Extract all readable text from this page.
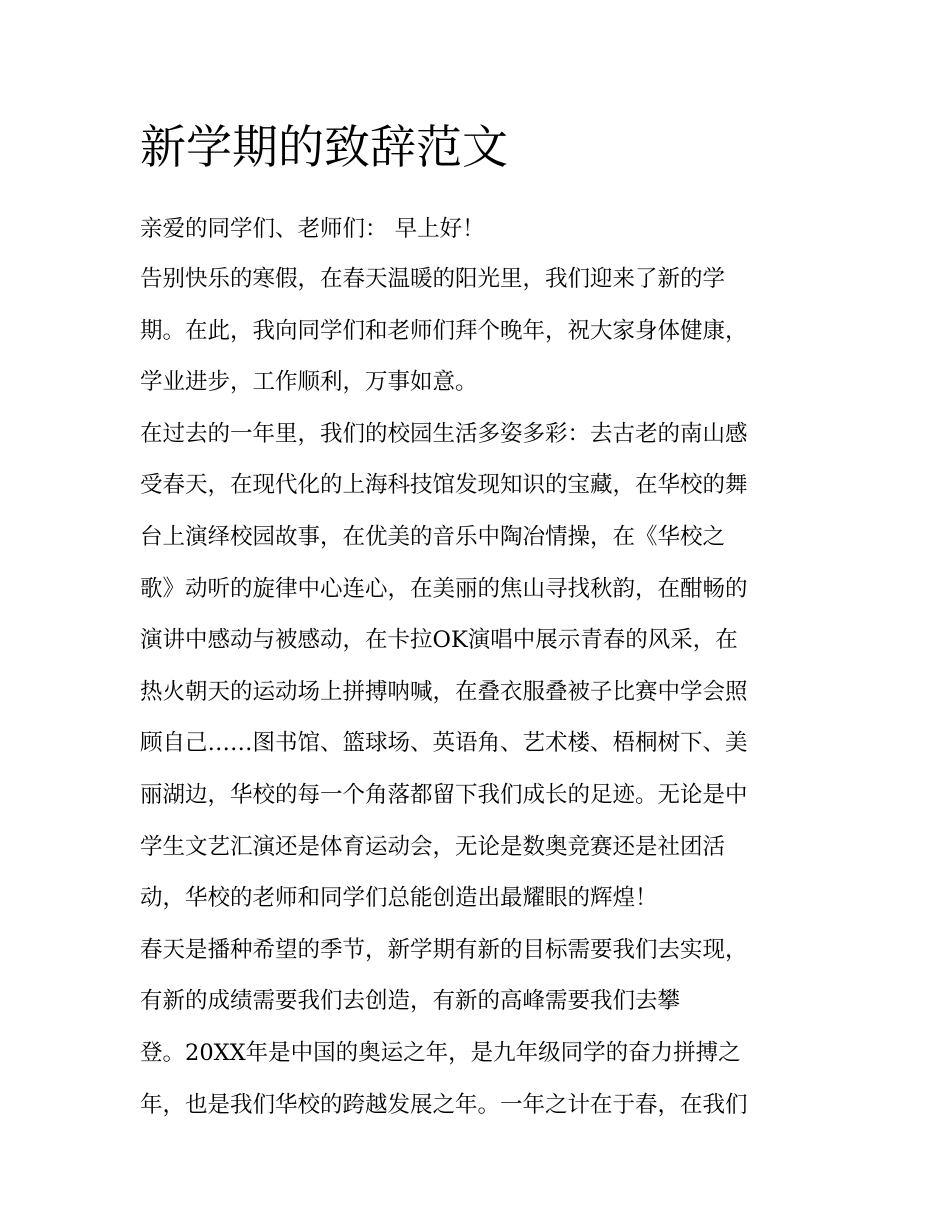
新学期的致辞范文
亲爱的同学们、老师们： 早上好！
告别快乐的寒假，在春天温暖的阳光里，我们迎来了新的学
期。在此，我向同学们和老师们拜个晚年，祝大家身体健康，
学业进步，工作顺利，万事如意。
在过去的一年里，我们的校园生活多姿多彩：去古老的南山感
受春天，在现代化的上海科技馆发现知识的宝藏，在华校的舞
台上演绎校园故事，在优美的音乐中陶冶情操，在《华校之
歌》动听的旋律中心连心，在美丽的焦山寻找秋韵，在酣畅的
演讲中感动与被感动，在卡拉OK演唱中展示青春的风采，在
热火朝天的运动场上拼搏呐喊，在叠衣服叠被子比赛中学会照
顾自己……图书馆、篮球场、英语角、艺术楼、梧桐树下、美
丽湖边，华校的每一个角落都留下我们成长的足迹。无论是中
学生文艺汇演还是体育运动会，无论是数奥竞赛还是社团活
动，华校的老师和同学们总能创造出最耀眼的辉煌！
春天是播种希望的季节，新学期有新的目标需要我们去实现，
有新的成绩需要我们去创造，有新的高峰需要我们去攀
登。20XX年是中国的奥运之年，是九年级同学的奋力拼搏之
年，也是我们华校的跨越发展之年。一年之计在于春，在我们
